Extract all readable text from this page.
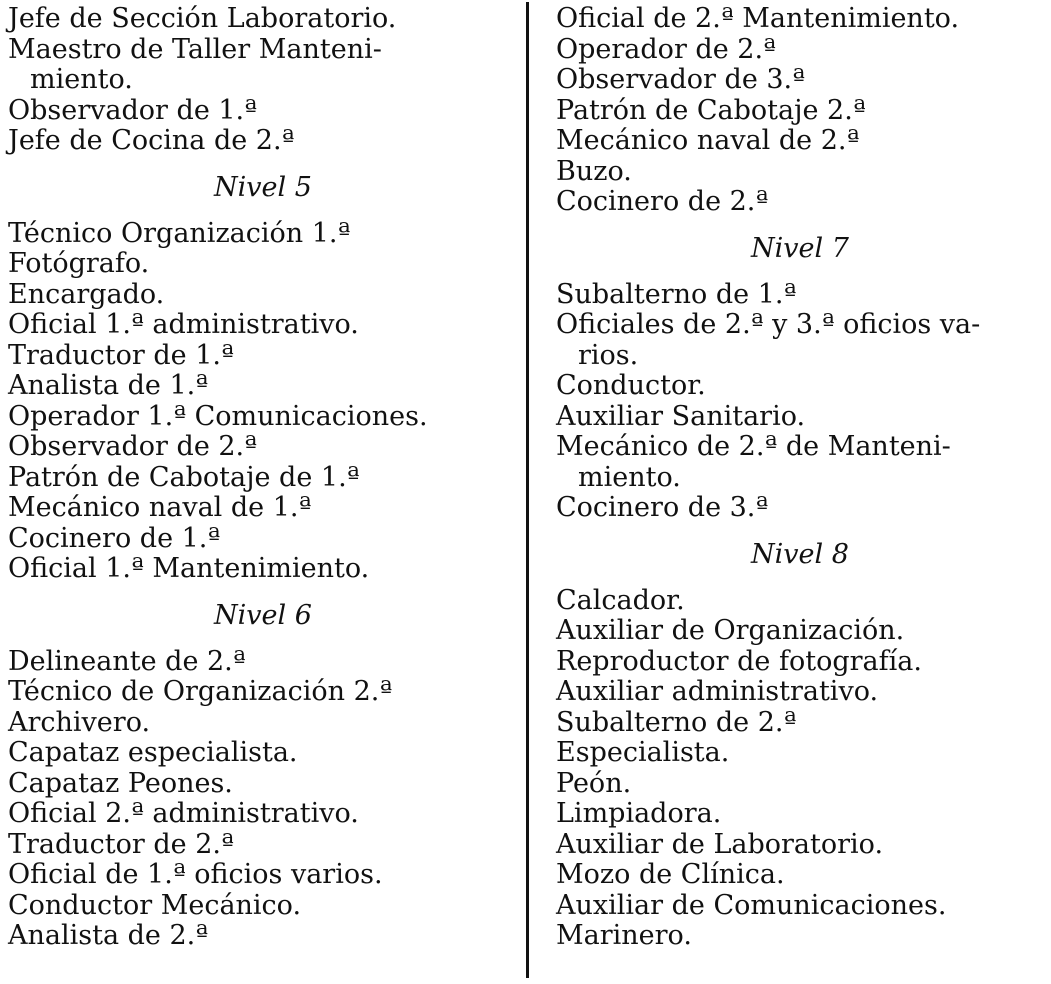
Jefe de Sección Laboratorio.
Maestro de Taller Manteni-
miento.
Observador de 1.ª
Jefe de Cocina de 2.ª
Nivel 5
Técnico Organización 1.ª
Fotógrafo.
Encargado.
Oficial 1.ª administrativo.
Traductor de 1.ª
Analista de 1.ª
Operador 1.ª Comunicaciones.
Observador de 2.ª
Patrón de Cabotaje de 1.ª
Mecánico naval de 1.ª
Cocinero de 1.ª
Oficial 1.ª Mantenimiento.
Nivel 6
Delineante de 2.ª
Técnico de Organización 2.ª
Archivero.
Capataz especialista.
Capataz Peones.
Oficial 2.ª administrativo.
Traductor de 2.ª
Oficial de 1.ª oficios varios.
Conductor Mecánico.
Analista de 2.ª
Oficial de 2.ª Mantenimiento.
Operador de 2.ª
Observador de 3.ª
Patrón de Cabotaje 2.ª
Mecánico naval de 2.ª
Buzo.
Cocinero de 2.ª
Nivel 7
Subalterno de 1.ª
Oficiales de 2.ª y 3.ª oficios va-
rios.
Conductor.
Auxiliar Sanitario.
Mecánico de 2.ª de Manteni-
miento.
Cocinero de 3.ª
Nivel 8
Calcador.
Auxiliar de Organización.
Reproductor de fotografía.
Auxiliar administrativo.
Subalterno de 2.ª
Especialista.
Peón.
Limpiadora.
Auxiliar de Laboratorio.
Mozo de Clínica.
Auxiliar de Comunicaciones.
Marinero.
